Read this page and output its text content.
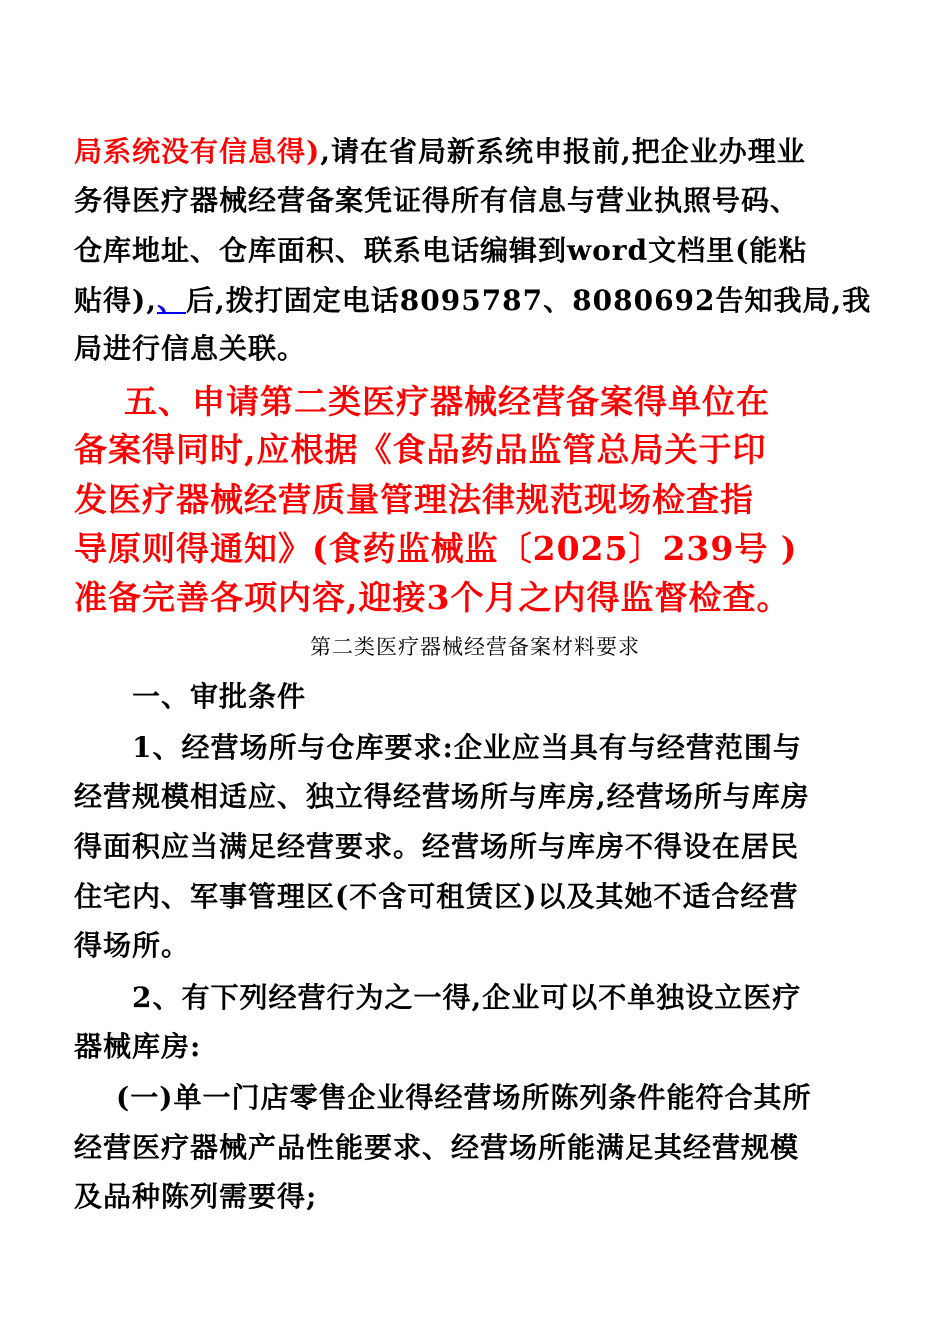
局系统没有信息得),请在省局新系统申报前,把企业办理业
务得医疗器械经营备案凭证得所有信息与营业执照号码、
仓库地址、仓库面积、联系电话编辑到word文档里(能粘
贴得),、后,拨打固定电话8095787、8080692告知我局,我
局进行信息关联。
五、申请第二类医疗器械经营备案得单位在
备案得同时,应根据《食品药品监管总局关于印
发医疗器械经营质量管理法律规范现场检查指
导原则得通知》(食药监械监〔2025〕239号 )
准备完善各项内容,迎接3个月之内得监督检查。
第二类医疗器械经营备案材料要求
一、审批条件
1、经营场所与仓库要求:企业应当具有与经营范围与
经营规模相适应、独立得经营场所与库房,经营场所与库房
得面积应当满足经营要求。经营场所与库房不得设在居民
住宅内、军事管理区(不含可租赁区)以及其她不适合经营
得场所。
2、有下列经营行为之一得,企业可以不单独设立医疗
器械库房:
(一)单一门店零售企业得经营场所陈列条件能符合其所
经营医疗器械产品性能要求、经营场所能满足其经营规模
及品种陈列需要得;
